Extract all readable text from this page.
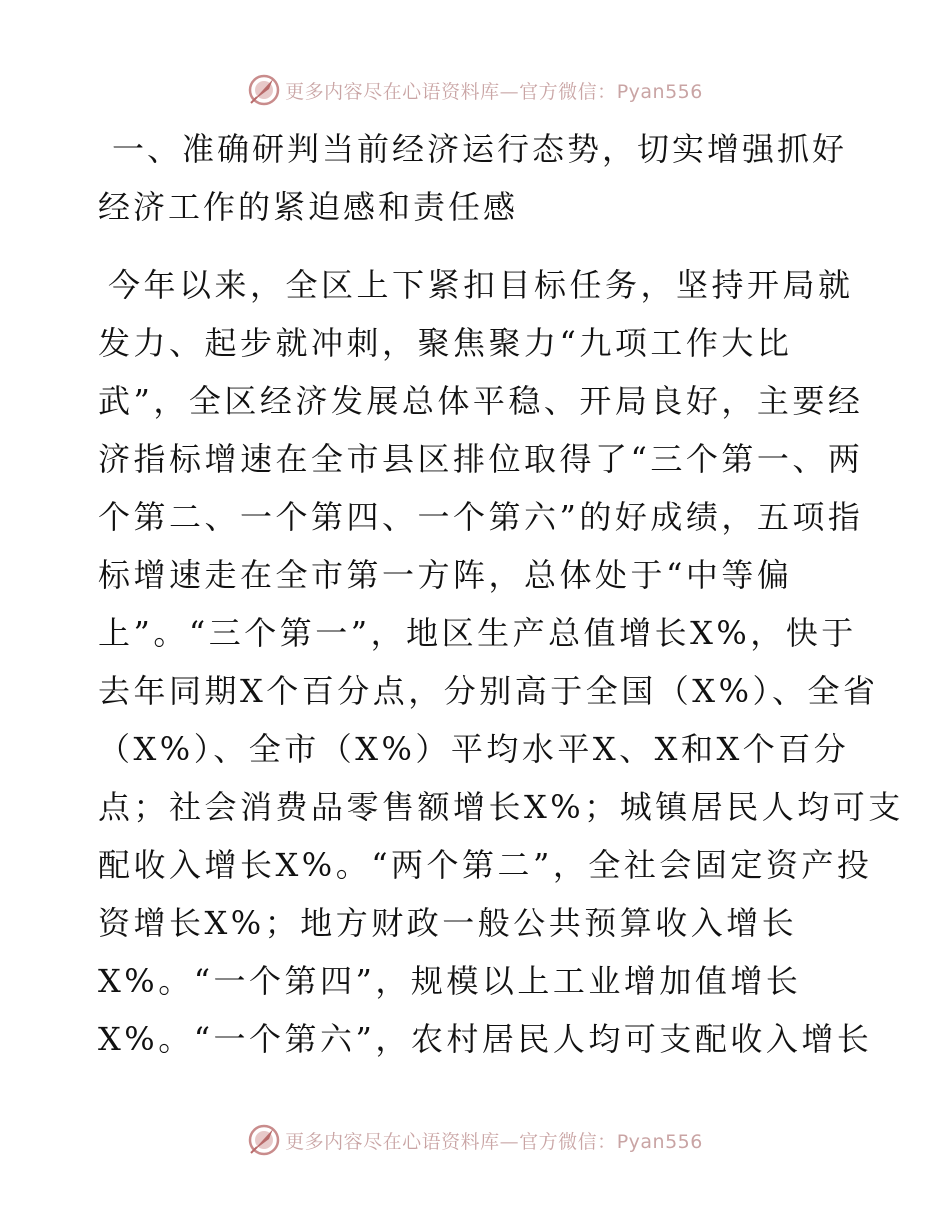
更多内容尽在心语资料库—官方微信：Pyan556
一、准确研判当前经济运行态势，切实增强抓好
经济工作的紧迫感和责任感
今年以来，全区上下紧扣目标任务，坚持开局就
发力、起步就冲刺，聚焦聚力“九项工作大比
武”，全区经济发展总体平稳、开局良好，主要经
济指标增速在全市县区排位取得了“三个第一、两
个第二、一个第四、一个第六”的好成绩，五项指
标增速走在全市第一方阵，总体处于“中等偏
上”。“三个第一”，地区生产总值增长X%，快于
去年同期X个百分点，分别高于全国（X%）、全省
（X%）、全市（X%）平均水平X、X和X个百分
点；社会消费品零售额增长X%；城镇居民人均可支
配收入增长X%。“两个第二”，全社会固定资产投
资增长X%；地方财政一般公共预算收入增长
X%。“一个第四”，规模以上工业增加值增长
X%。“一个第六”，农村居民人均可支配收入增长
更多内容尽在心语资料库—官方微信：Pyan556
